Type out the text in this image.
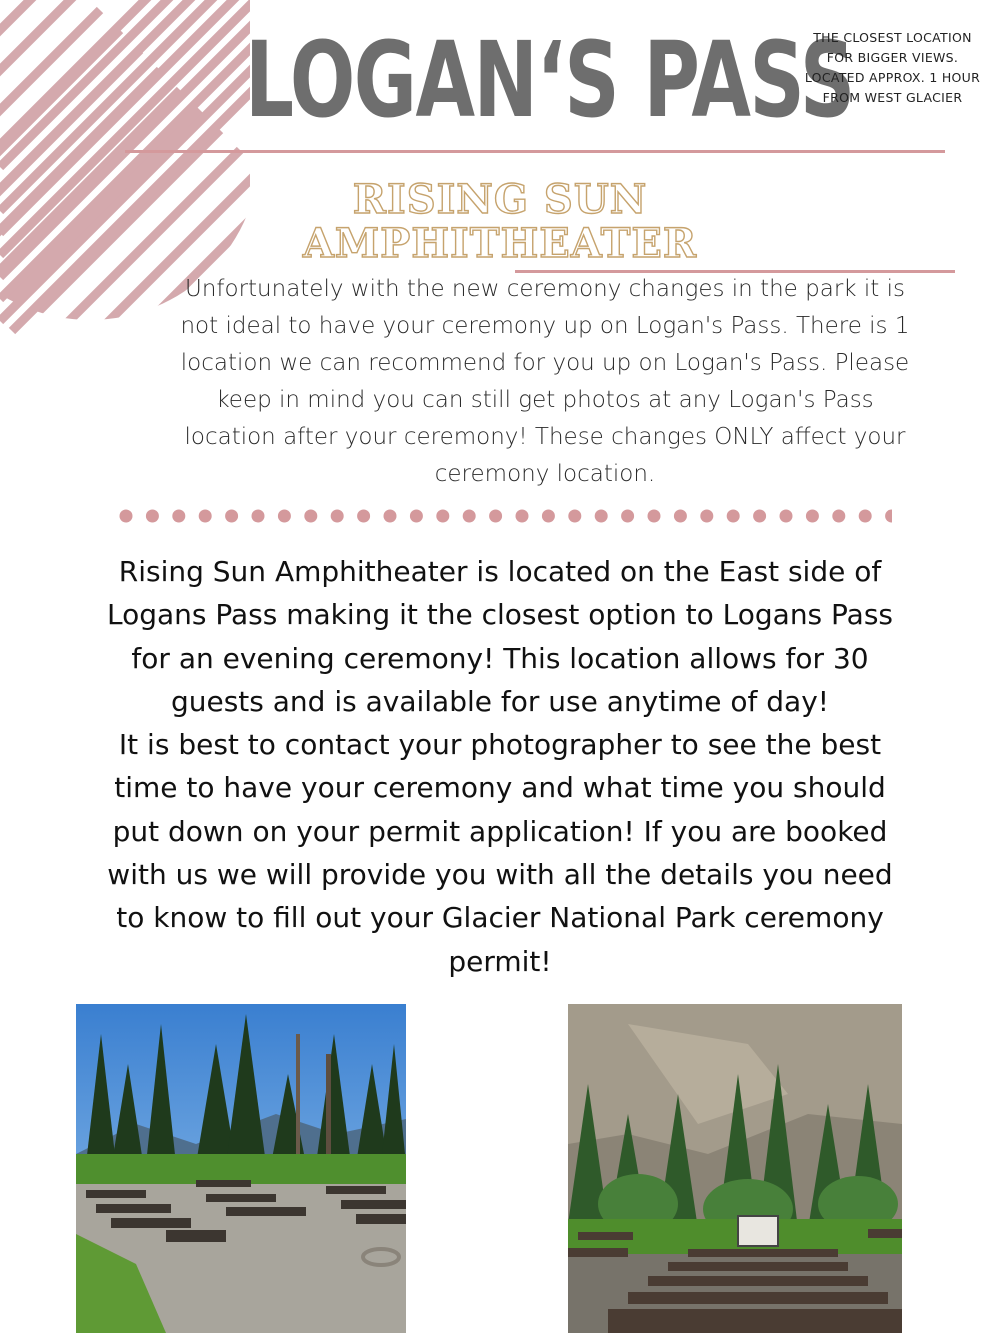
LOGAN‘S PASS
THE CLOSEST LOCATION
FOR BIGGER VIEWS.
LOCATED APPROX. 1 HOUR
FROM WEST GLACIER
RISING SUN
AMPHITHEATER

Unfortunately with the new ceremony changes in the park it is not ideal to have your ceremony up on Logan's Pass. There is 1 location we can recommend for you up on Logan's Pass. Please keep in mind you can still get photos at any Logan's Pass location after your ceremony! These changes ONLY affect your ceremony location.

Rising Sun Amphitheater is located on the East side of Logans Pass making it the closest option to Logans Pass for an evening ceremony! This location allows for 30 guests and is available for use anytime of day!
It is best to contact your photographer to see the best time to have your ceremony and what time you should put down on your permit application! If you are booked with us we will provide you with all the details you need to know to fill out your Glacier National Park ceremony permit!
